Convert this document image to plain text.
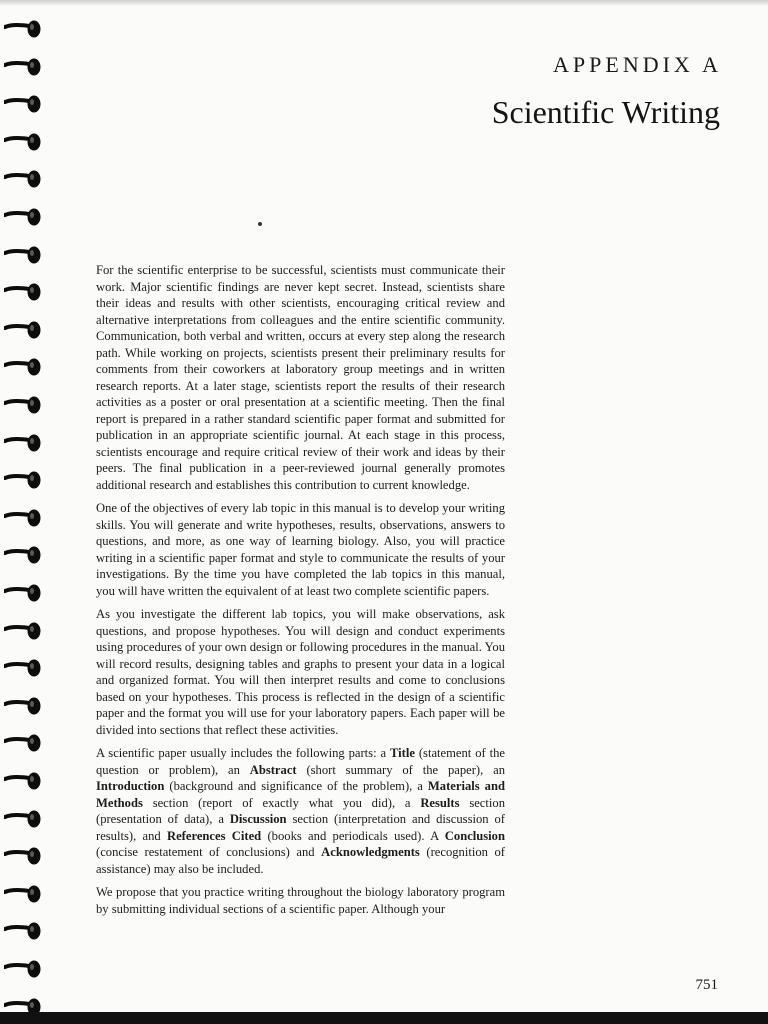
APPENDIX A
Scientific Writing

For the scientific enterprise to be successful, scientists must communicate their work. Major scientific findings are never kept secret. Instead, scientists share their ideas and results with other scientists, encouraging critical review and alternative interpretations from colleagues and the entire scientific community. Communication, both verbal and written, occurs at every step along the research path. While working on projects, scientists present their preliminary results for comments from their coworkers at laboratory group meetings and in written research reports. At a later stage, scientists report the results of their research activities as a poster or oral presentation at a scientific meeting. Then the final report is prepared in a rather standard scientific paper format and submitted for publication in an appropriate scientific journal. At each stage in this process, scientists encourage and require critical review of their work and ideas by their peers. The final publication in a peer-reviewed journal generally promotes additional research and establishes this contribution to current knowledge.

One of the objectives of every lab topic in this manual is to develop your writing skills. You will generate and write hypotheses, results, observations, answers to questions, and more, as one way of learning biology. Also, you will practice writing in a scientific paper format and style to communicate the results of your investigations. By the time you have completed the lab topics in this manual, you will have written the equivalent of at least two complete scientific papers.

As you investigate the different lab topics, you will make observations, ask questions, and propose hypotheses. You will design and conduct experiments using procedures of your own design or following procedures in the manual. You will record results, designing tables and graphs to present your data in a logical and organized format. You will then interpret results and come to conclusions based on your hypotheses. This process is reflected in the design of a scientific paper and the format you will use for your laboratory papers. Each paper will be divided into sections that reflect these activities.

A scientific paper usually includes the following parts: a Title (statement of the question or problem), an Abstract (short summary of the paper), an Introduction (background and significance of the problem), a Materials and Methods section (report of exactly what you did), a Results section (presentation of data), a Discussion section (interpretation and discussion of results), and References Cited (books and periodicals used). A Conclusion (concise restatement of conclusions) and Acknowledgments (recognition of assistance) may also be included.

We propose that you practice writing throughout the biology laboratory program by submitting individual sections of a scientific paper. Although your

751
